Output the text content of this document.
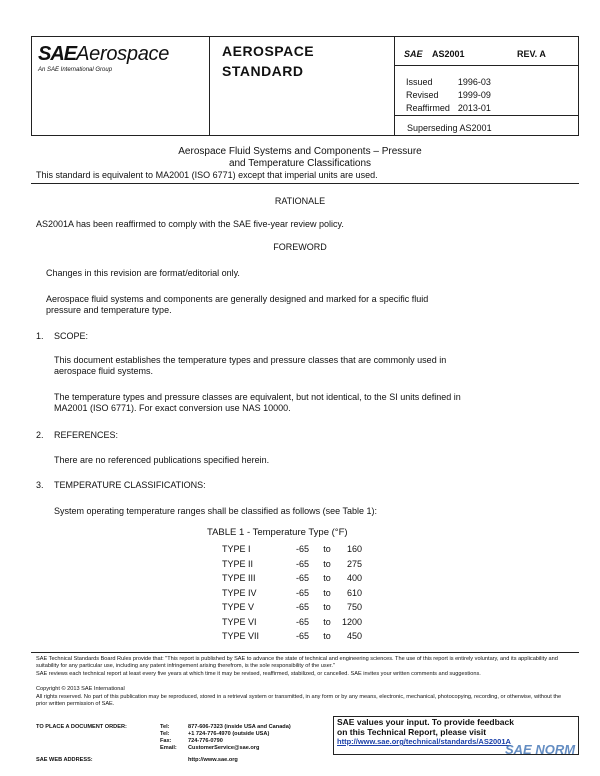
SAEAerospace
An SAE International Group
AEROSPACE
STANDARD
SAE AS2001	REV. A
Issued	1996-03
Revised	1999-09
Reaffirmed	2013-01
Superseding AS2001
Aerospace Fluid Systems and Components – Pressure
and Temperature Classifications
This standard is equivalent to MA2001 (ISO 6771) except that imperial units are used.
RATIONALE
AS2001A has been reaffirmed to comply with the SAE five-year review policy.
FOREWORD
Changes in this revision are format/editorial only.
Aerospace fluid systems and components are generally designed and marked for a specific fluid
pressure and temperature type.
1. SCOPE:
This document establishes the temperature types and pressure classes that are commonly used in
aerospace fluid systems.
The temperature types and pressure classes are equivalent, but not identical, to the SI units defined in
MA2001 (ISO 6771). For exact conversion use NAS 10000.
2. REFERENCES:
There are no referenced publications specified herein.
3. TEMPERATURE CLASSIFICATIONS:
System operating temperature ranges shall be classified as follows (see Table 1):
TABLE 1 - Temperature Type (°F)
TYPE I	-65	to	160
TYPE II	-65	to	275
TYPE III	-65	to	400
TYPE IV	-65	to	610
TYPE V	-65	to	750
TYPE VI	-65	to	1200
TYPE VII	-65	to	450
SAE Technical Standards Board Rules provide that: "This report is published by SAE to advance the state of technical and engineering sciences. The use of this report is entirely voluntary, and its applicability and suitability for any particular use, including any patent infringement arising therefrom, is the sole responsibility of the user."
SAE reviews each technical report at least every five years at which time it may be revised, reaffirmed, stabilized, or cancelled. SAE invites your written comments and suggestions.
Copyright © 2013 SAE International
All rights reserved. No part of this publication may be reproduced, stored in a retrieval system or transmitted, in any form or by any means, electronic, mechanical, photocopying, recording, or otherwise, without the prior written permission of SAE.
TO PLACE A DOCUMENT ORDER:	Tel:	877-606-7323 (inside USA and Canada)
Tel:	+1 724-776-4970 (outside USA)
Fax:	724-776-0790
Email: CustomerService@sae.org
SAE WEB ADDRESS:	http://www.sae.org
SAE values your input. To provide feedback
on this Technical Report, please visit
http://www.sae.org/technical/standards/AS2001A
SAE NORM
